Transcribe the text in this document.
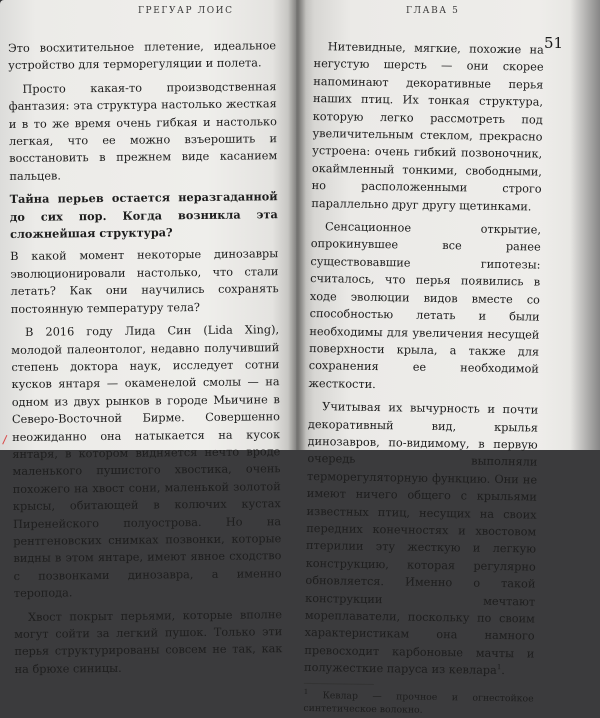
ГРЕГУАР ЛОИС

Это восхитительное плетение, идеальное устройство для терморегуляции и полета.

Просто какая-то производственная фантазия: эта структура настолько жесткая и в то же время очень гибкая и настолько легкая, что ее можно взъерошить и восстановить в прежнем виде касанием пальцев.

Тайна перьев остается неразгаданной до сих пор. Когда возникла эта сложнейшая структура?

В какой момент некоторые динозавры эволюционировали настолько, что стали летать? Как они научились сохранять постоянную температуру тела?

В 2016 году Лида Син (Lida Xing), молодой палеонтолог, недавно получивший степень доктора наук, исследует сотни кусков янтаря — окаменелой смолы — на одном из двух рынков в городе Мьичине в Северо-Восточной Бирме. Совершенно неожиданно она натыкается на кусок янтаря, в котором видняется нечто вроде маленького пушистого хвостика, очень похожего на хвост сони, маленькой золотой крысы, обитающей в колючих кустах Пиренейского полуострова. Но на рентгеновских снимках позвонки, которые видны в этом янтаре, имеют явное сходство с позвонками динозавра, а именно теропода.

Хвост покрыт перьями, которые вполне могут сойти за легкий пушок. Только эти перья структурированы совсем не так, как на брюхе синицы.

ГЛАВА 5
51

Нитевидные, мягкие, похожие на негустую шерсть — они скорее напоминают декоративные перья наших птиц. Их тонкая структура, которую легко рассмотреть под увеличительным стеклом, прекрасно устроена: очень гибкий позвоночник, окаймленный тонкими, свободными, но расположенными строго параллельно друг другу щетинками.

Сенсационное открытие, опрокинувшее все ранее существовавшие гипотезы: считалось, что перья появились в ходе эволюции видов вместе со способностью летать и были необходимы для увеличения несущей поверхности крыла, а также для сохранения ее необходимой жесткости.

Учитывая их вычурность и почти декоративный вид, крылья динозавров, по-видимому, в первую очередь выполняли терморегуляторную функцию. Они не имеют ничего общего с крыльями известных птиц, несущих на своих передних конечностях и хвостовом птерилии эту жесткую и легкую конструкцию, которая регулярно обновляется. Именно о такой конструкции мечтают мореплаватели, поскольку по своим характеристикам она намного превосходит карбоновые мачты и полужесткие паруса из кевлара$^1$.

$^1$ Кевлар — прочное и огнестойкое синтетическое волокно.
